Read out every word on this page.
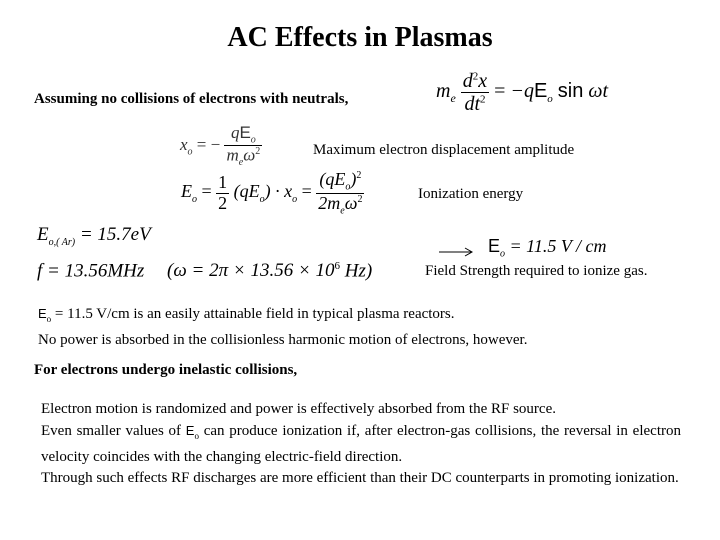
AC Effects in Plasmas
Assuming no collisions of electrons with neutrals,	$m_e \frac{d^2x}{dt^2} = -qE_o$ sin ωt
$x_o$ = − $\frac{qE_o}{m_e\omega^2}$	Maximum electron displacement amplitude
$E_o = \frac{1}{2} (qE_o) \cdot x_o = \frac{(qE_o)^2}{2m_e\omega^2}$	Ionization energy
$E_{o,( Ar)} = 15.7eV$
f = 13.56MHz ($\omega = 2\pi \times 13.56 \times 10^6$ Hz)
$E_o = 11.5$ V / cm
Field Strength required to ionize gas.
$E_o = 11.5$ V/cm is an easily attainable field in typical plasma reactors.
No power is absorbed in the collisionless harmonic motion of electrons, however.
For electrons undergo inelastic collisions,
Electron motion is randomized and power is effectively absorbed from the RF source.
Even smaller values of $E_o$ can produce ionization if, after electron-gas collisions, the reversal in electron velocity coincides with the changing electric-field direction.
Through such effects RF discharges are more efficient than their DC counterparts in promoting ionization.
